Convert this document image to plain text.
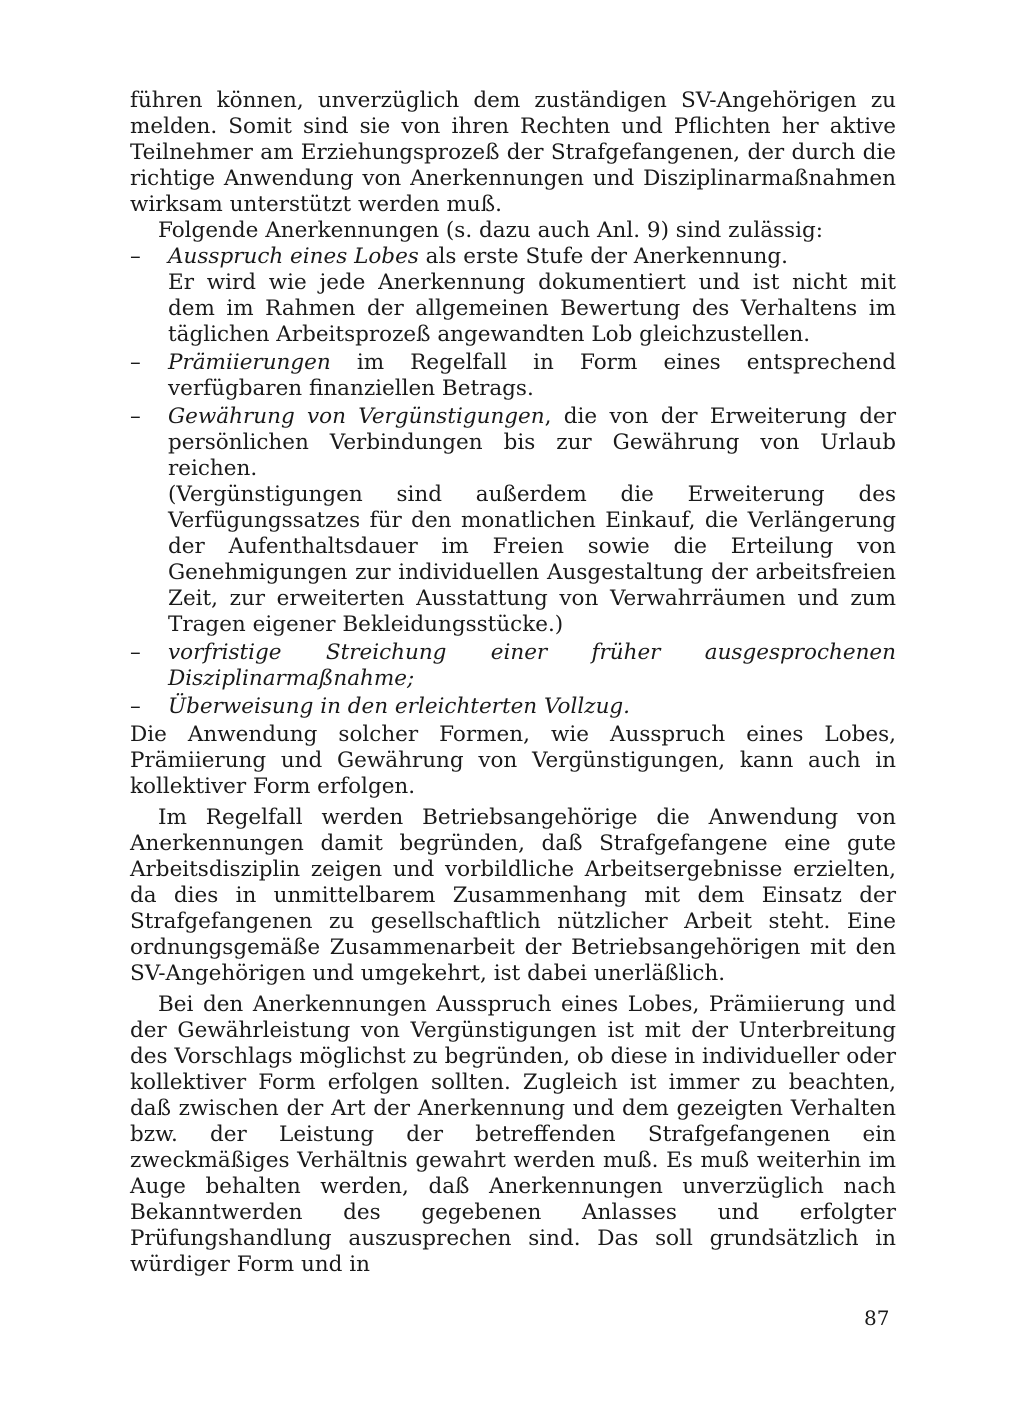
führen können, unverzüglich dem zuständigen SV-Angehörigen zu melden. Somit sind sie von ihren Rechten und Pflichten her aktive Teilnehmer am Erziehungsprozeß der Strafgefangenen, der durch die richtige Anwendung von Anerkennungen und Disziplinarmaßnahmen wirksam unterstützt werden muß.

Folgende Anerkennungen (s. dazu auch Anl. 9) sind zulässig:

–	Ausspruch eines Lobes als erste Stufe der Anerkennung.
Er wird wie jede Anerkennung dokumentiert und ist nicht mit dem im Rahmen der allgemeinen Bewertung des Verhaltens im täglichen Arbeitsprozeß angewandten Lob gleichzustellen.
–	Prämiierungen im Regelfall in Form eines entsprechend verfügbaren finanziellen Betrags.
–	Gewährung von Vergünstigungen, die von der Erweiterung der persönlichen Verbindungen bis zur Gewährung von Urlaub reichen.
(Vergünstigungen sind außerdem die Erweiterung des Verfügungssatzes für den monatlichen Einkauf, die Verlängerung der Aufenthaltsdauer im Freien sowie die Erteilung von Genehmigungen zur individuellen Ausgestaltung der arbeitsfreien Zeit, zur erweiterten Ausstattung von Verwahrräumen und zum Tragen eigener Bekleidungsstücke.)
–	vorfristige Streichung einer früher ausgesprochenen Disziplinarmaßnahme;
–	Überweisung in den erleichterten Vollzug.

Die Anwendung solcher Formen, wie Ausspruch eines Lobes, Prämiierung und Gewährung von Vergünstigungen, kann auch in kollektiver Form erfolgen.

Im Regelfall werden Betriebsangehörige die Anwendung von Anerkennungen damit begründen, daß Strafgefangene eine gute Arbeitsdisziplin zeigen und vorbildliche Arbeitsergebnisse erzielten, da dies in unmittelbarem Zusammenhang mit dem Einsatz der Strafgefangenen zu gesellschaftlich nützlicher Arbeit steht. Eine ordnungsgemäße Zusammenarbeit der Betriebsangehörigen mit den SV-Angehörigen und umgekehrt, ist dabei unerläßlich.

Bei den Anerkennungen Ausspruch eines Lobes, Prämiierung und der Gewährleistung von Vergünstigungen ist mit der Unterbreitung des Vorschlags möglichst zu begründen, ob diese in individueller oder kollektiver Form erfolgen sollten. Zugleich ist immer zu beachten, daß zwischen der Art der Anerkennung und dem gezeigten Verhalten bzw. der Leistung der betreffenden Strafgefangenen ein zweckmäßiges Verhältnis gewahrt werden muß. Es muß weiterhin im Auge behalten werden, daß Anerkennungen unverzüglich nach Bekanntwerden des gegebenen Anlasses und erfolgter Prüfungshandlung auszusprechen sind. Das soll grundsätzlich in würdiger Form und in

87
